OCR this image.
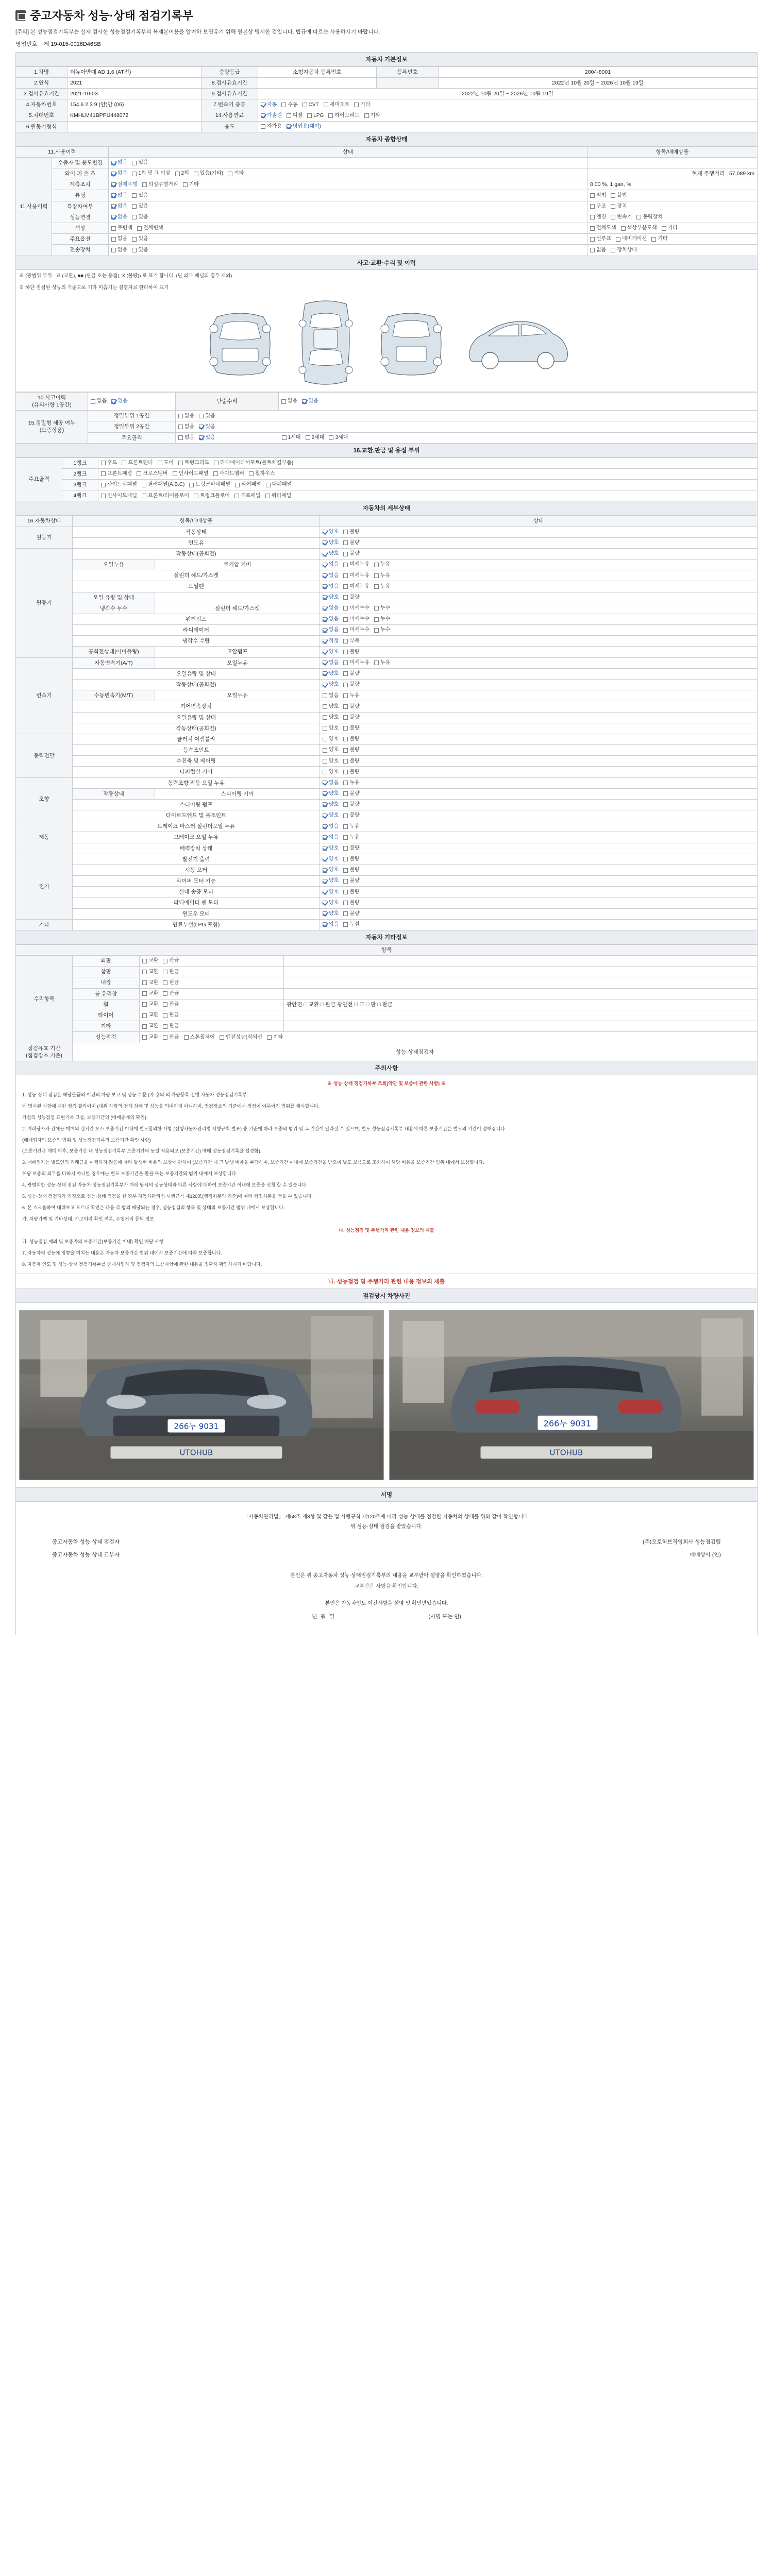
중고자동차 성능·상태 점검기록부
[주의] 본 성능점검기록부는 실제 검사한 성능점검기록부의 복제본이용을 알려하 보면유기 위해 원본상 명시한 것입니다. 법규에 따르는 사용하시기 바랍니다.
영업번호 제 19-015-0016D46SB
자동차 기본정보
1.차명	더뉴아반떼 AD 1.6 (AT전)	중량등급	소형자동차 등록번호	등록번호	2004-8001
2.연식	2021	8.검사유효기간			2022년 10월 20일 ~ 2026년 10월 19일
3.검사유효기간	2021-10-03	9.검사유효기간	2022년 10월 20일 ~ 2026년 10월 19일		
4.자동차번호	154 6 2 3 9 (안)안 (06)	7.변속기 종류	자동 수동 CVT 세미오토 기타		

5.차대번호	KMHLM41BPPU448072	14.사용연료	가솔린 디젤 LPG 하이브리드 기타		

6.원동기형식		용도	자가용 영업용(대여)		
자동차 종합상태
11.사용이력		상태	항목/매매상품
11.사용이력	수출자 및 용도변경	없음 있음	

	와이 퍼 손 조	없음 1회 및 그 이상 2회 있음(기타) 기타	현재 주행거리 : 57,089 km
	계측조치	실제주행 의심주행거리 기타	0.00 %, 1 gan, %
	튜닝	없음 있음	적법 불법

	특장차여부	없음 있음	구조 장치

	성능변경	없음 있음	엔진 변속기 동력장치

	색상	무변색 전체변색	전체도색 색상부분도색 기타

	주요옵션	없음 있음	선루프 내비게이션 기타

	전송장치	없음 있음	없음 장치상태
사고·교환·수리 및 이력
※ (광범위 부위 : 교 (교환), ■■ (판금 또는 용접), X (불량)) 로 표기 합니다. (단 외부 패널의 경우 제외)
※ 하단 점검된 성능의 기준으로 기타 미흡기는 설명자료 한다하여 표기
10.사고이력
(유의사항 1공간)	없음 있음	단순수리	없음 있음

15.정밀형 제공 여부
(보증상품)	정밀부위 1공간	없음 있음	

	정밀부위 2공간	없음 있음	

	주요골격	없음 있음 1세대 2세대 3세대	
16.교환,판금 및 용접 부위
주요골격	1랭크	후드 프론트펜더 도어 트렁크리드 라디에이터서포트(볼트체결부품)

	2랭크	프론트패널 크로스멤버 인사이드패널 사이드멤버 휠하우스

	3랭크	사이드실패널 필러패널(A.B.C) 트렁크바닥패널 리어패널 대쉬패널

	4랭크	인사이드패널 프론트/리어플로어 트렁크플로어 루프패널 쿼터패널
자동차의 세부상태
16.자동차상태	항목/매매상품		상태
원동기	작동상태		양호 불량

	면도유		양호 불량

원동기	작동상태(공회전)		양호 불량

	오일누유	로커암 커버	없음 미세누유 누유

	실린더 헤드/가스켓		없음 미세누유 누유

	오일팬		없음 미세누유 누유

	오일 유량 및 상태		양호 불량

	냉각수 누수	실린더 헤드/가스켓	없음 미세누수 누수

	워터펌프		없음 미세누수 누수

	라디에이터		없음 미세누수 누수

	냉각수 수량		적정 부족

	공회전상태(아이들링)	고압펌프	양호 불량

변속기	자동변속기(A/T)	오일누유	없음 미세누유 누유

	오일유량 및 상태		양호 불량

	작동상태(공회전)		양호 불량

	수동변속기(M/T)	오일누유	없음 누유

	기어변속장치		양호 불량

	오일유량 및 상태		양호 불량

	작동상태(공회전)		양호 불량

동력전달	클러치 어셈블리		양호 불량

	등속조인트		양호 불량

	추진축 및 베어링		양호 불량

	디퍼런셜 기어		양호 불량

조향	동력조향 작동 오일 누유		없음 누유

	작동상태	스티어링 기어	양호 불량

	스티어링 펌프		양호 불량

	타이로드엔드 및 볼조인트		양호 불량

제동	브레이크 마스터 실린더오일 누유		없음 누유

	브레이크 오일 누유		없음 누유

	배력장치 상태		양호 불량

전기	발전기 출력		양호 불량

	시동 모터		양호 불량

	와이퍼 모터 기능		양호 불량

	실내 송풍 모터		양호 불량

	라디에이터 팬 모터		양호 불량

	윈도우 모터		양호 불량

기타	연료누설(LPG 포함)		없음 누설
자동차 기타정보
항목			
수리항목	외판	교환 판금	

	참판	교환 판금	

	내장	교환 판금	

	룸 유리창	교환 판금	

	휠	교환 판금	광안전 □ 교환 □ 판금 광안전 □ 교 □ 판 □ 판금
	타이어	교환 판금	

	기타	교환 판금	

	성능점검	교환 판금 스톤휠체어 엔진성능(적외선 기타	

점검유효 기간
(점검장소 기준)	성능·상태점검자		
주의사항
※ 성능·상태 점검기록부 조회(약관 및 보증에 관한 사항) ※
1. 성능·상태 점검은 해당물품의 이전의 차량 보고 및 성능 부문 (자 용의 의 차량등록 진행 자동차 성능점검기록부
에 명시된 사항에 대한 점검 결과이며 (대위 차량의 전체 상태 및 성능을 의미하지 아니하며, 점검장소의 기준에서 점검이 이루어진 범위를 제시합니다.
가설의 성능점검 표현기록 그를, 보증기간의 (매매중개의 확인).
2. 거래당사자 간에는 매매의 실시간 요소 보증기간 이내에 별도합의한 사항 (선행자동차관리법 시행규칙 별표) 중 기준에 따라 보증의 범위 및 그 기간이 달라질 수 있으며, 별도 성능점검기록부 내용에 따른 보증기간은 별도의 기간이 정해집니다.
(매매업자의 보증의 범위 및 성능점검기록의 보증기간 확인 사항)
(보증기간은 매매 이후, 보증기간 내 성능점검기록부 보증기간의 동일 적용되고 (보증기간) 매매 성능점검기록을 설정함).
3. 매매업자는 별도인의 거래금을 이행하지 않음에 따라 발생한 비용의 보상에 관하여 (보증기간 내 그 발생 비용을 부담하며, 보증기간 이내에 보증기간을 받으며 별도 보증으로 조회하여 해당 비용을 보증기간 범위 내에서 보상합니다.
해당 보증의 의무를 다하지 아니한 경우에는 별도 보증기간을 환불 또는 보증기간의 범위 내에서 보상합니다.
4. 광범위한 성능·상태 점검 자동차 성능점검기록부가 거래 당시의 성능상태와 다른 사항에 대하여 보증기간 이내에 보증을 신청 할 수 있습니다.
5. 성능·상태 점검자가 거짓으로 성능·상태 점검을 한 경우 자동차관리법 시행규칙 제120조(행정처분의 기준)에 따라 행정처분을 받을 수 있습니다.
6. 본 스크롤하여 내려보고 오르내 확인은 다음 각 항의 해당되는 경우, 성능점검의 항목 및 상태의 보증기간 범위 내에서 보상합니다.
가. 차량가액 및 기타상태, 사고이력 확인 여부, 주행거리 등의 정보
나. 성능점검 및 주행거리 관련 내용 정보의 제출
다. 성능점검 제외 및 보증자의 보증기간(보증기간 이내) 확인 해당 사항
7. 자동차의 성능에 영향을 미치는 내용은 자동차 보증기간 범위 내에서 보증기간에 따라 보증합니다.
8. 자동차 인도 및 성능·상태 점검기록부를 중개사업자 및 점검자의 보증사항에 관한 내용을 정확히 확인하시기 바랍니다.
나. 성능점검 및 주행거리 관련 내용 정보의 제출
점검당시 차량사진
266누 9031
UTOHUB
266누 9031
UTOHUB
서명
「자동차관리법」 제58조 제3항 및 같은 법 시행규칙 제120조에 따라 성능·상태를 점검한 자동차의 상태를 위와 같이 확인합니다.
위 성능·상태 점검을 받았습니다.
중고자동차 성능·상태 점검자
중고자동차 성능·상태 교부자
(주)오토허브직영회사 성능점검팀
매매상사 (인)
본인은 위 중고자동차 성능·상태점검기록부의 내용을 교부받아 설명을 확인하였습니다.
교부받은 사항을 확인합니다.
본인은 자동차인도 이전사항을 설명 및 확인받았습니다.
년 월 일	(서명 또는 인)
